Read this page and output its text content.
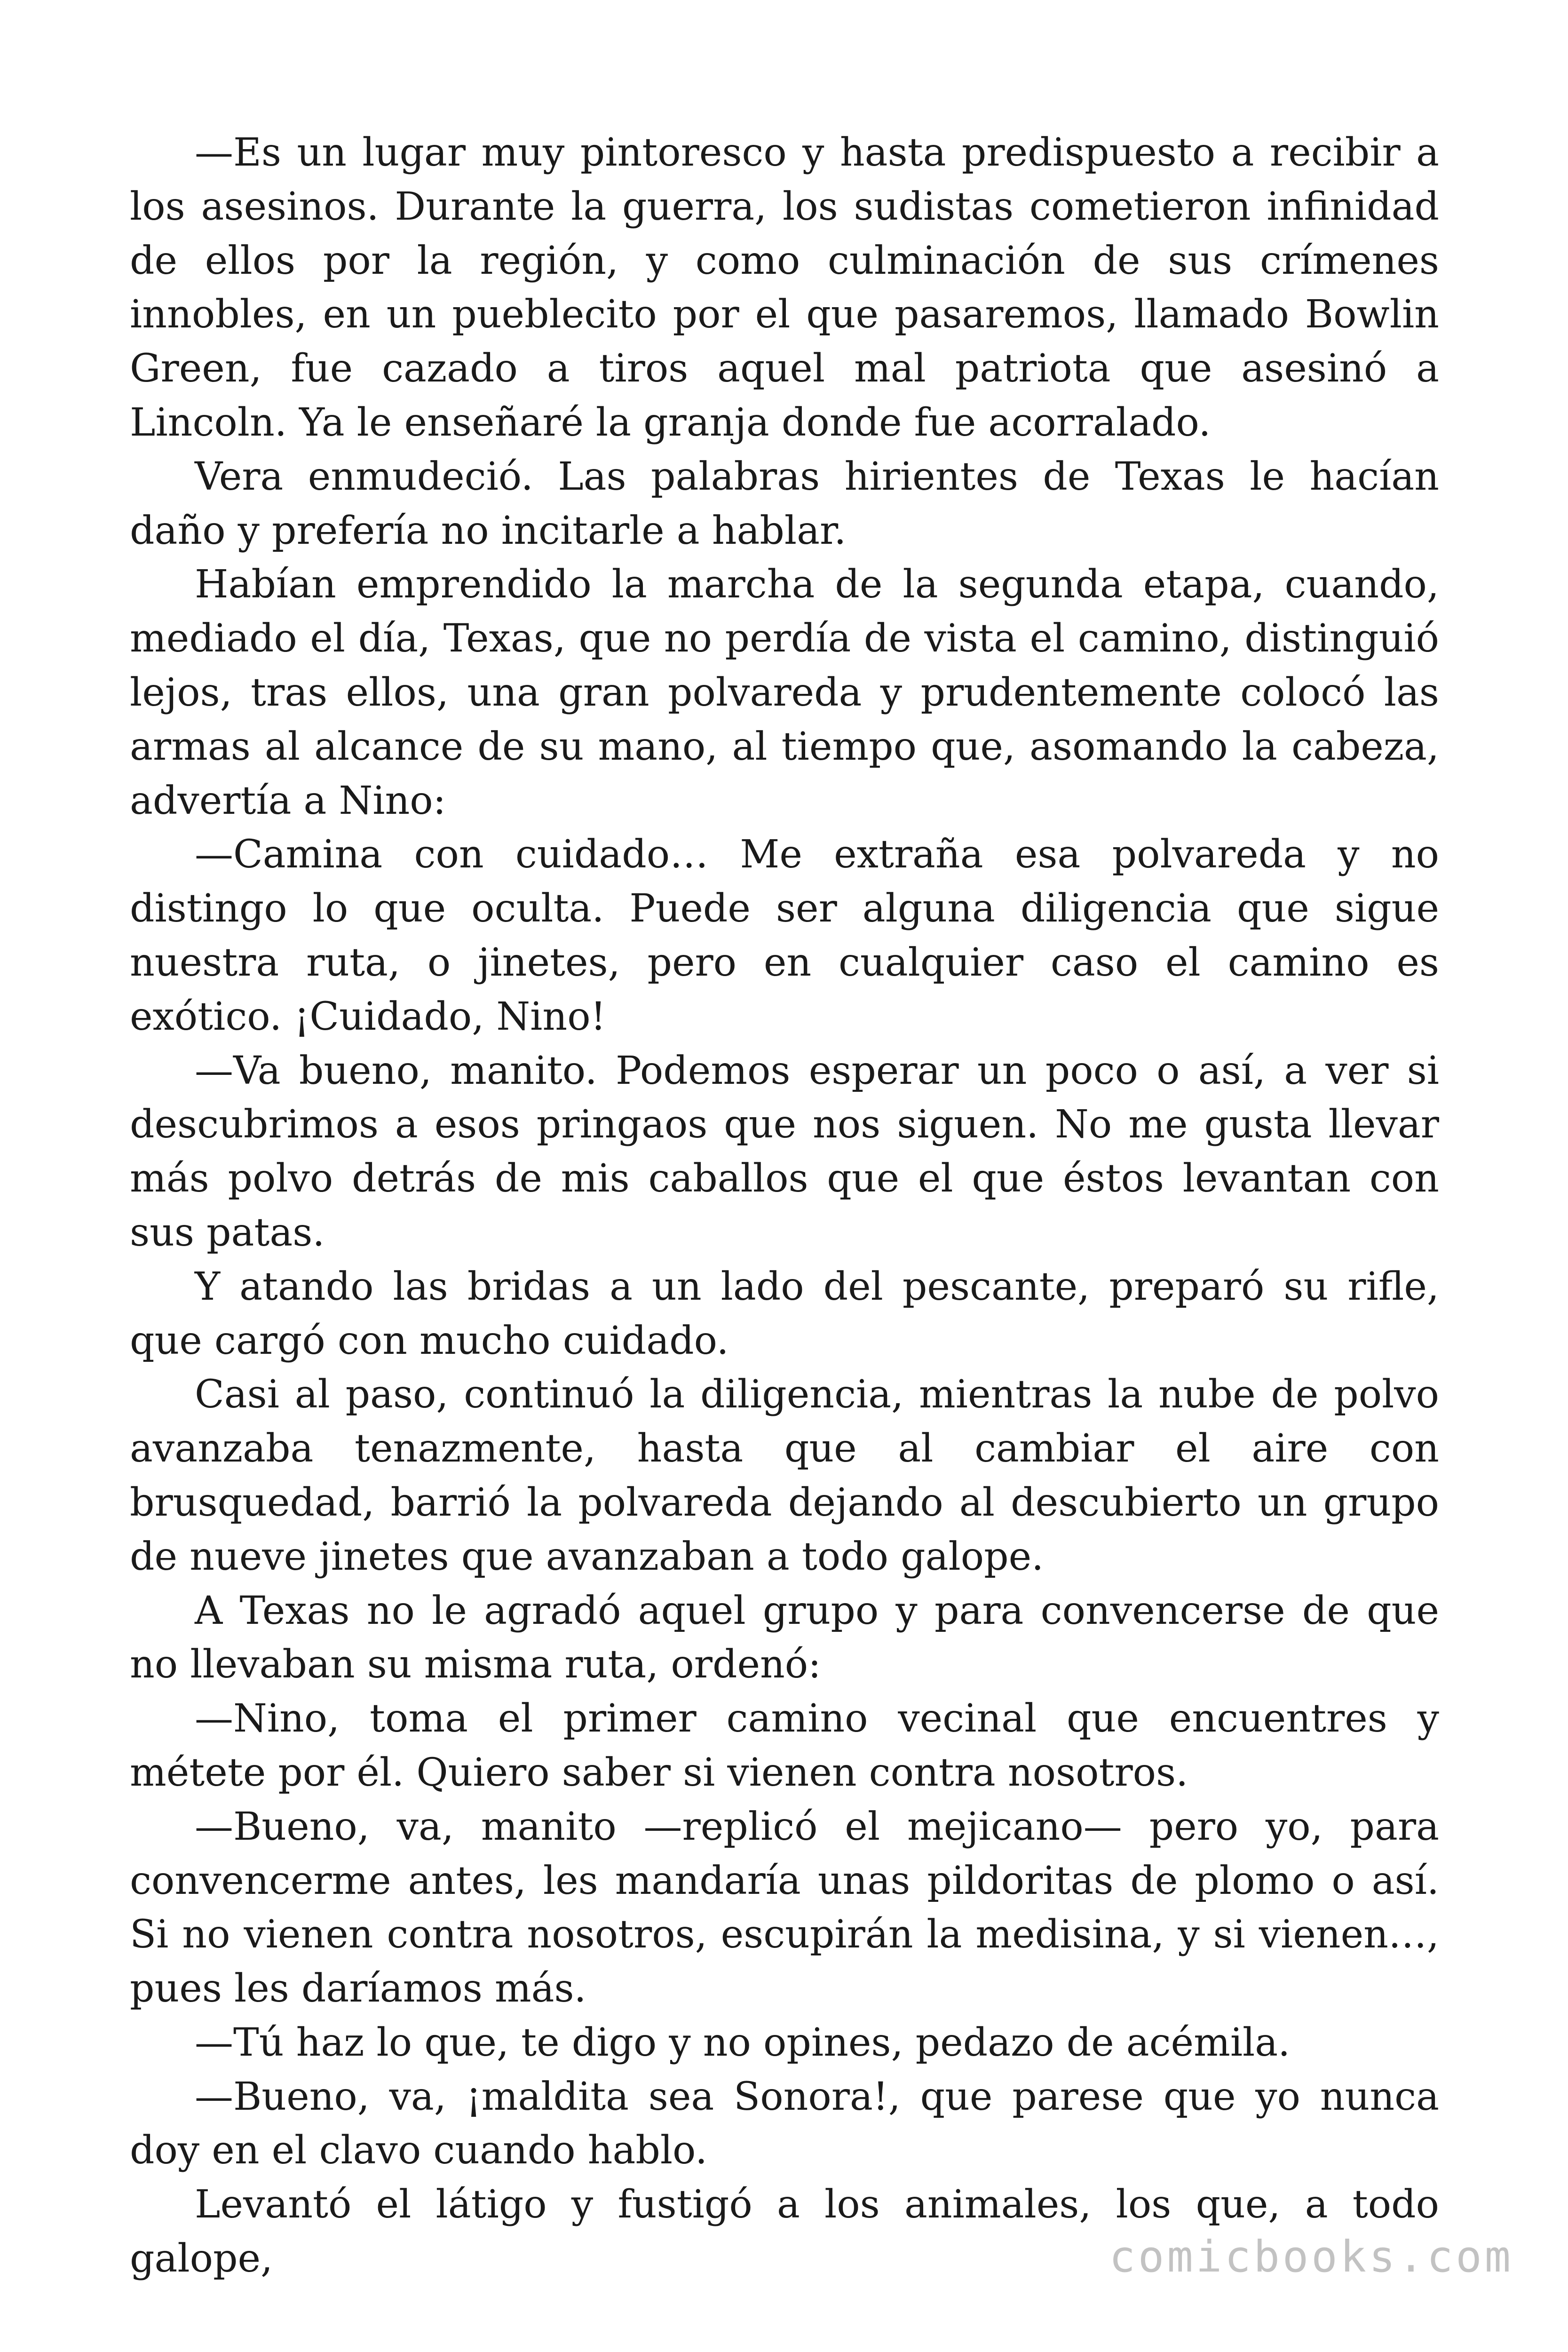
—Es un lugar muy pintoresco y hasta predispuesto a recibir a los asesinos. Durante la guerra, los sudistas cometieron infinidad de ellos por la región, y como culminación de sus crímenes innobles, en un pueblecito por el que pasaremos, llamado Bowlin Green, fue cazado a tiros aquel mal patriota que asesinó a Lincoln. Ya le enseñaré la granja donde fue acorralado.

Vera enmudeció. Las palabras hirientes de Texas le hacían daño y prefería no incitarle a hablar.

Habían emprendido la marcha de la segunda etapa, cuando, mediado el día, Texas, que no perdía de vista el camino, distinguió lejos, tras ellos, una gran polvareda y prudentemente colocó las armas al alcance de su mano, al tiempo que, asomando la cabeza, advertía a Nino:

—Camina con cuidado… Me extraña esa polvareda y no distingo lo que oculta. Puede ser alguna diligencia que sigue nuestra ruta, o jinetes, pero en cualquier caso el camino es exótico. ¡Cuidado, Nino!

—Va bueno, manito. Podemos esperar un poco o así, a ver si descubrimos a esos pringaos que nos siguen. No me gusta llevar más polvo detrás de mis caballos que el que éstos levantan con sus patas.

Y atando las bridas a un lado del pescante, preparó su rifle, que cargó con mucho cuidado.

Casi al paso, continuó la diligencia, mientras la nube de polvo avanzaba tenazmente, hasta que al cambiar el aire con brusquedad, barrió la polvareda dejando al descubierto un grupo de nueve jinetes que avanzaban a todo galope.

A Texas no le agradó aquel grupo y para convencerse de que no llevaban su misma ruta, ordenó:

—Nino, toma el primer camino vecinal que encuentres y métete por él. Quiero saber si vienen contra nosotros.

—Bueno, va, manito —replicó el mejicano— pero yo, para convencerme antes, les mandaría unas pildoritas de plomo o así. Si no vienen contra nosotros, escupirán la medisina, y si vienen…, pues les daríamos más.

—Tú haz lo que, te digo y no opines, pedazo de acémila.

—Bueno, va, ¡maldita sea Sonora!, que parese que yo nunca doy en el clavo cuando hablo.

Levantó el látigo y fustigó a los animales, los que, a todo galope,	comicbooks.com
